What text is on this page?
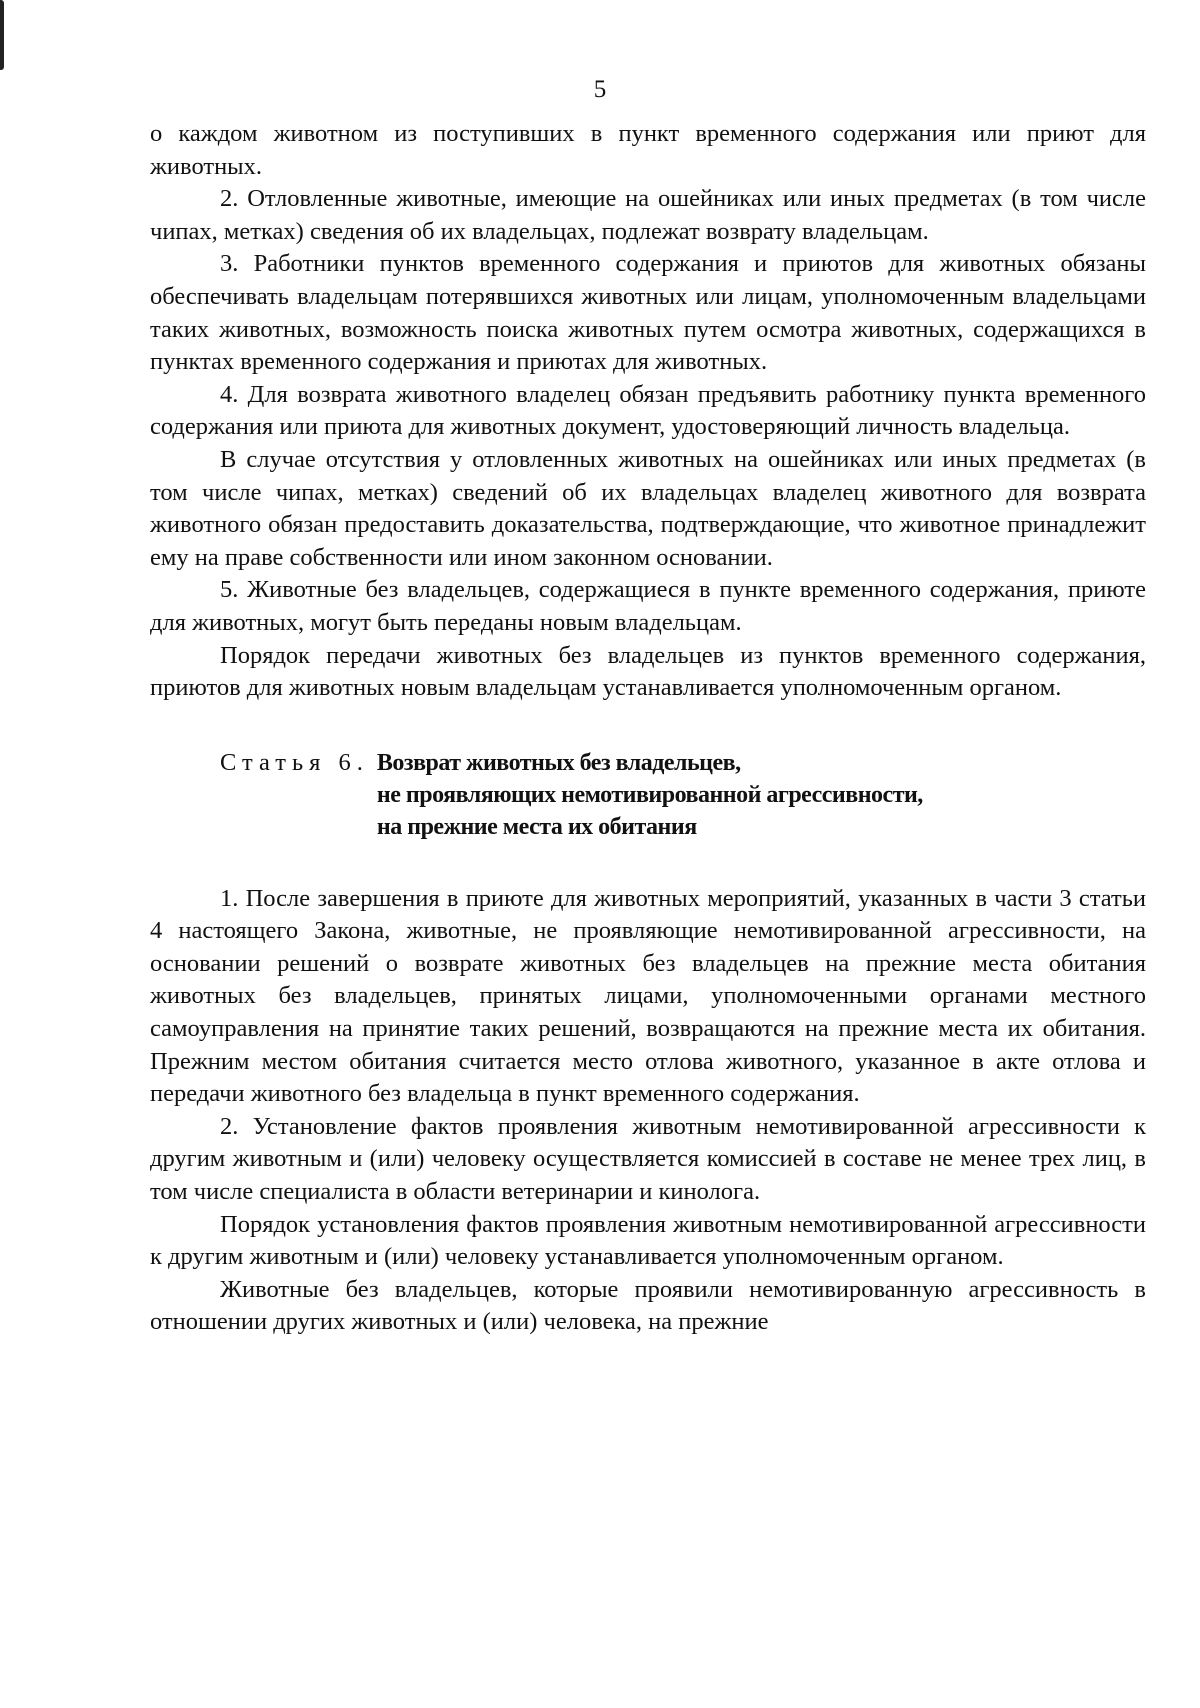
5

о каждом животном из поступивших в пункт временного содержания или приют для животных.

2. Отловленные животные, имеющие на ошейниках или иных предметах (в том числе чипах, метках) сведения об их владельцах, подлежат возврату владельцам.

3. Работники пунктов временного содержания и приютов для животных обязаны обеспечивать владельцам потерявшихся животных или лицам, уполномоченным владельцами таких животных, возможность поиска животных путем осмотра животных, содержащихся в пунктах временного содержания и приютах для животных.

4. Для возврата животного владелец обязан предъявить работнику пункта временного содержания или приюта для животных документ, удостоверяющий личность владельца.

В случае отсутствия у отловленных животных на ошейниках или иных предметах (в том числе чипах, метках) сведений об их владельцах владелец животного для возврата животного обязан предоставить доказательства, подтверждающие, что животное принадлежит ему на праве собственности или ином законном основании.

5. Животные без владельцев, содержащиеся в пункте временного содержания, приюте для животных, могут быть переданы новым владельцам.

Порядок передачи животных без владельцев из пунктов временного содержания, приютов для животных новым владельцам устанавливается уполномоченным органом.

Статья 6. Возврат животных без владельцев,
не проявляющих немотивированной агрессивности,
на прежние места их обитания

1. После завершения в приюте для животных мероприятий, указанных в части 3 статьи 4 настоящего Закона, животные, не проявляющие немотивированной агрессивности, на основании решений о возврате животных без владельцев на прежние места обитания животных без владельцев, принятых лицами, уполномоченными органами местного самоуправления на принятие таких решений, возвращаются на прежние места их обитания. Прежним местом обитания считается место отлова животного, указанное в акте отлова и передачи животного без владельца в пункт временного содержания.

2. Установление фактов проявления животным немотивированной агрессивности к другим животным и (или) человеку осуществляется комиссией в составе не менее трех лиц, в том числе специалиста в области ветеринарии и кинолога.

Порядок установления фактов проявления животным немотивированной агрессивности к другим животным и (или) человеку устанавливается уполномоченным органом.

Животные без владельцев, которые проявили немотивированную агрессивность в отношении других животных и (или) человека, на прежние
